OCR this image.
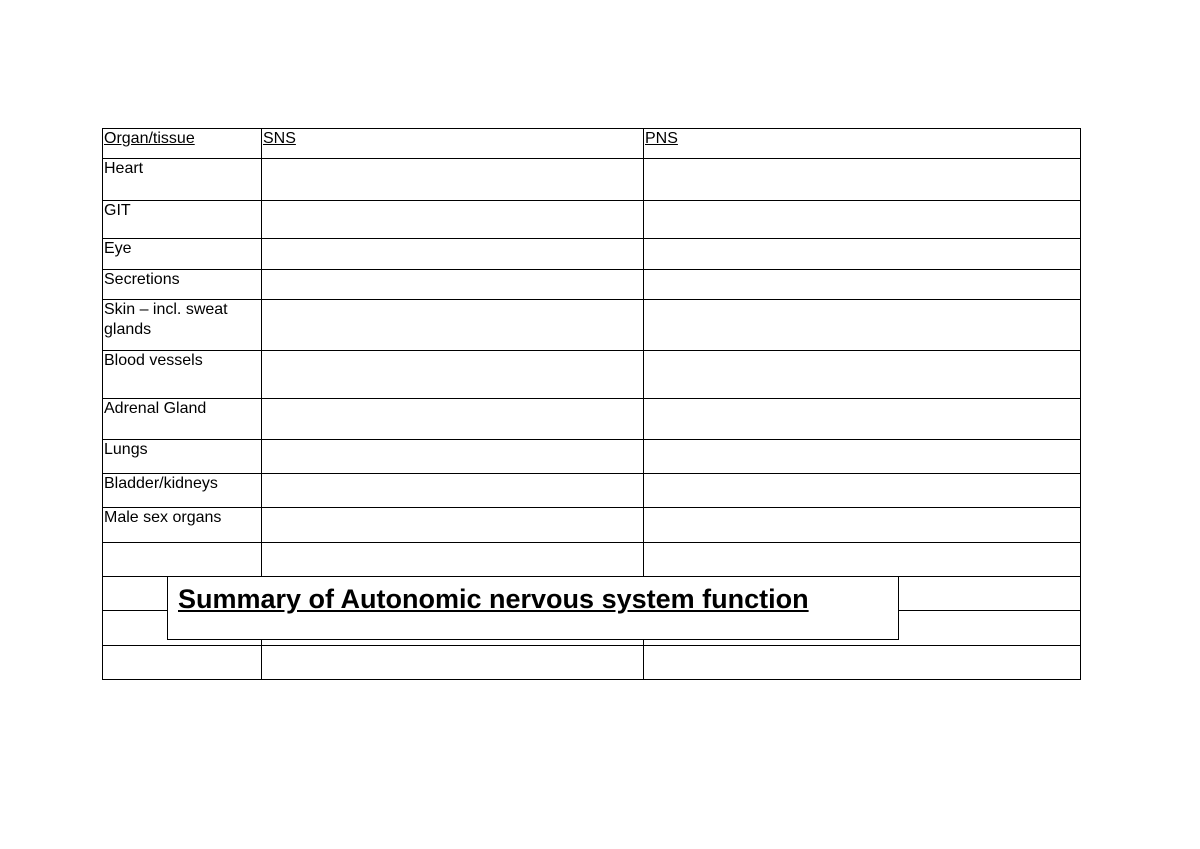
Organ/tissue	SNS	PNS
Heart		
GIT		
Eye		
Secretions		
Skin – incl. sweat glands		
Blood vessels		
Adrenal Gland		
Lungs		
Bladder/kidneys		
Male sex organs		

Summary of Autonomic nervous system function
